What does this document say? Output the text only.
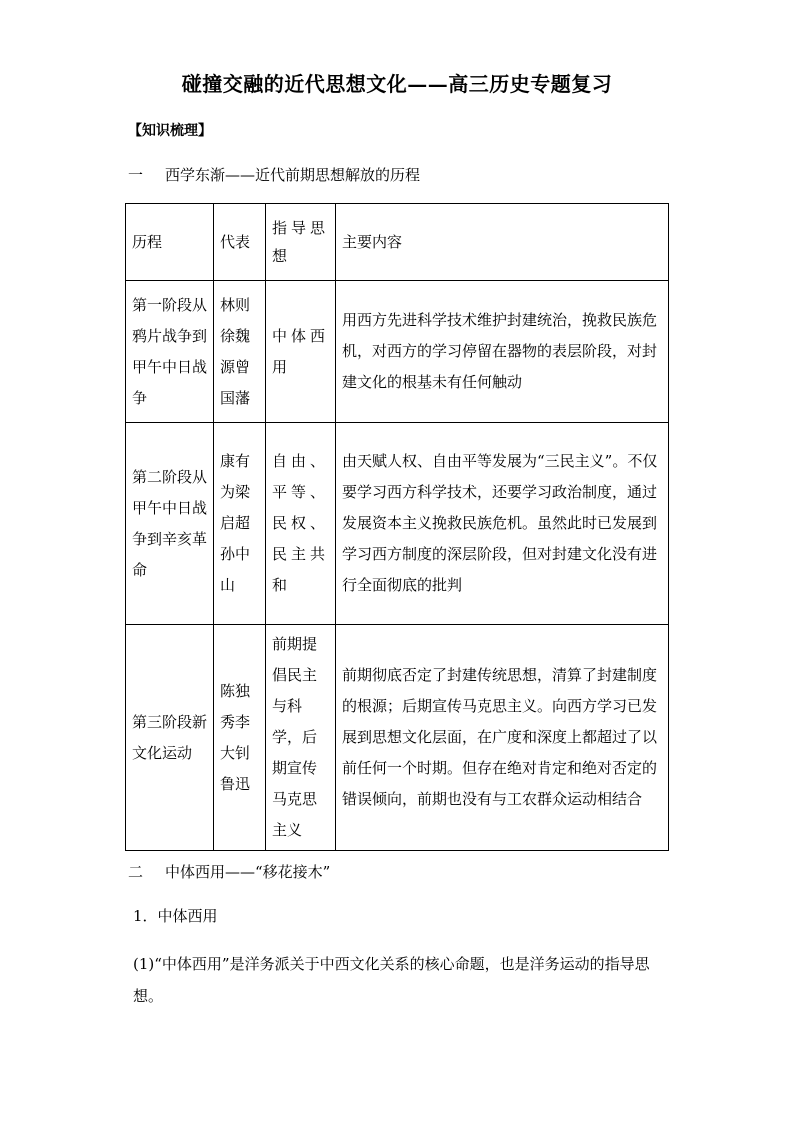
碰撞交融的近代思想文化——高三历史专题复习
【知识梳理】
一 西学东渐——近代前期思想解放的历程
历程	代表	指导思想	主要内容
第一阶段从鸦片战争到甲午中日战争	林则徐魏源曾国藩	中体西用	用西方先进科学技术维护封建统治，挽救民族危机，对西方的学习停留在器物的表层阶段，对封建文化的根基未有任何触动
第二阶段从甲午中日战争到辛亥革命	康有为梁启超孙中山	自由、平等、民权、民主共和	由天赋人权、自由平等发展为“三民主义”。不仅要学习西方科学技术，还要学习政治制度，通过发展资本主义挽救民族危机。虽然此时已发展到学习西方制度的深层阶段，但对封建文化没有进行全面彻底的批判
第三阶段新文化运动	陈独秀李大钊鲁迅	前期提倡民主与科学，后期宣传马克思主义	前期彻底否定了封建传统思想，清算了封建制度的根源；后期宣传马克思主义。向西方学习已发展到思想文化层面，在广度和深度上都超过了以前任何一个时期。但存在绝对肯定和绝对否定的错误倾向，前期也没有与工农群众运动相结合
二 中体西用——“移花接木”
1．中体西用
(1)“中体西用”是洋务派关于中西文化关系的核心命题，也是洋务运动的指导思想。
